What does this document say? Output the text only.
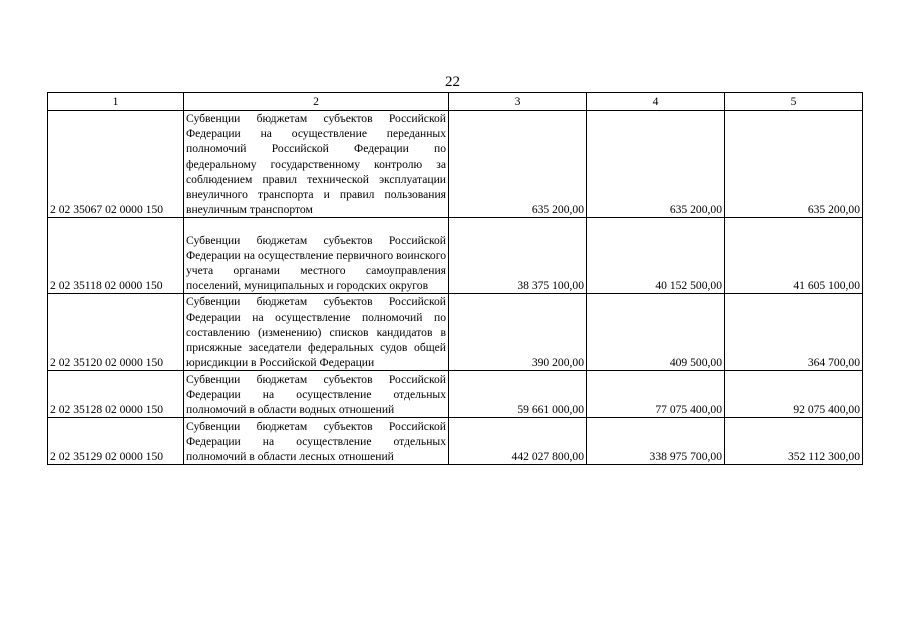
22
1	2	3	4	5
2 02 35067 02 0000 150	Субвенции бюджетам субъектов Российской Федерации на осуществление переданных полномочий Российской Федерации по федеральному государственному контролю за соблюдением правил технической эксплуатации внеуличного транспорта и правил пользования внеуличным транспортом	635 200,00	635 200,00	635 200,00
2 02 35118 02 0000 150	Субвенции бюджетам субъектов Российской Федерации на осуществление первичного воинского учета органами местного самоуправления поселений, муниципальных и городских округов	38 375 100,00	40 152 500,00	41 605 100,00
2 02 35120 02 0000 150	Субвенции бюджетам субъектов Российской Федерации на осуществление полномочий по составлению (изменению) списков кандидатов в присяжные заседатели федеральных судов общей юрисдикции в Российской Федерации	390 200,00	409 500,00	364 700,00
2 02 35128 02 0000 150	Субвенции бюджетам субъектов Российской Федерации на осуществление отдельных полномочий в области водных отношений	59 661 000,00	77 075 400,00	92 075 400,00
2 02 35129 02 0000 150	Субвенции бюджетам субъектов Российской Федерации на осуществление отдельных полномочий в области лесных отношений	442 027 800,00	338 975 700,00	352 112 300,00
